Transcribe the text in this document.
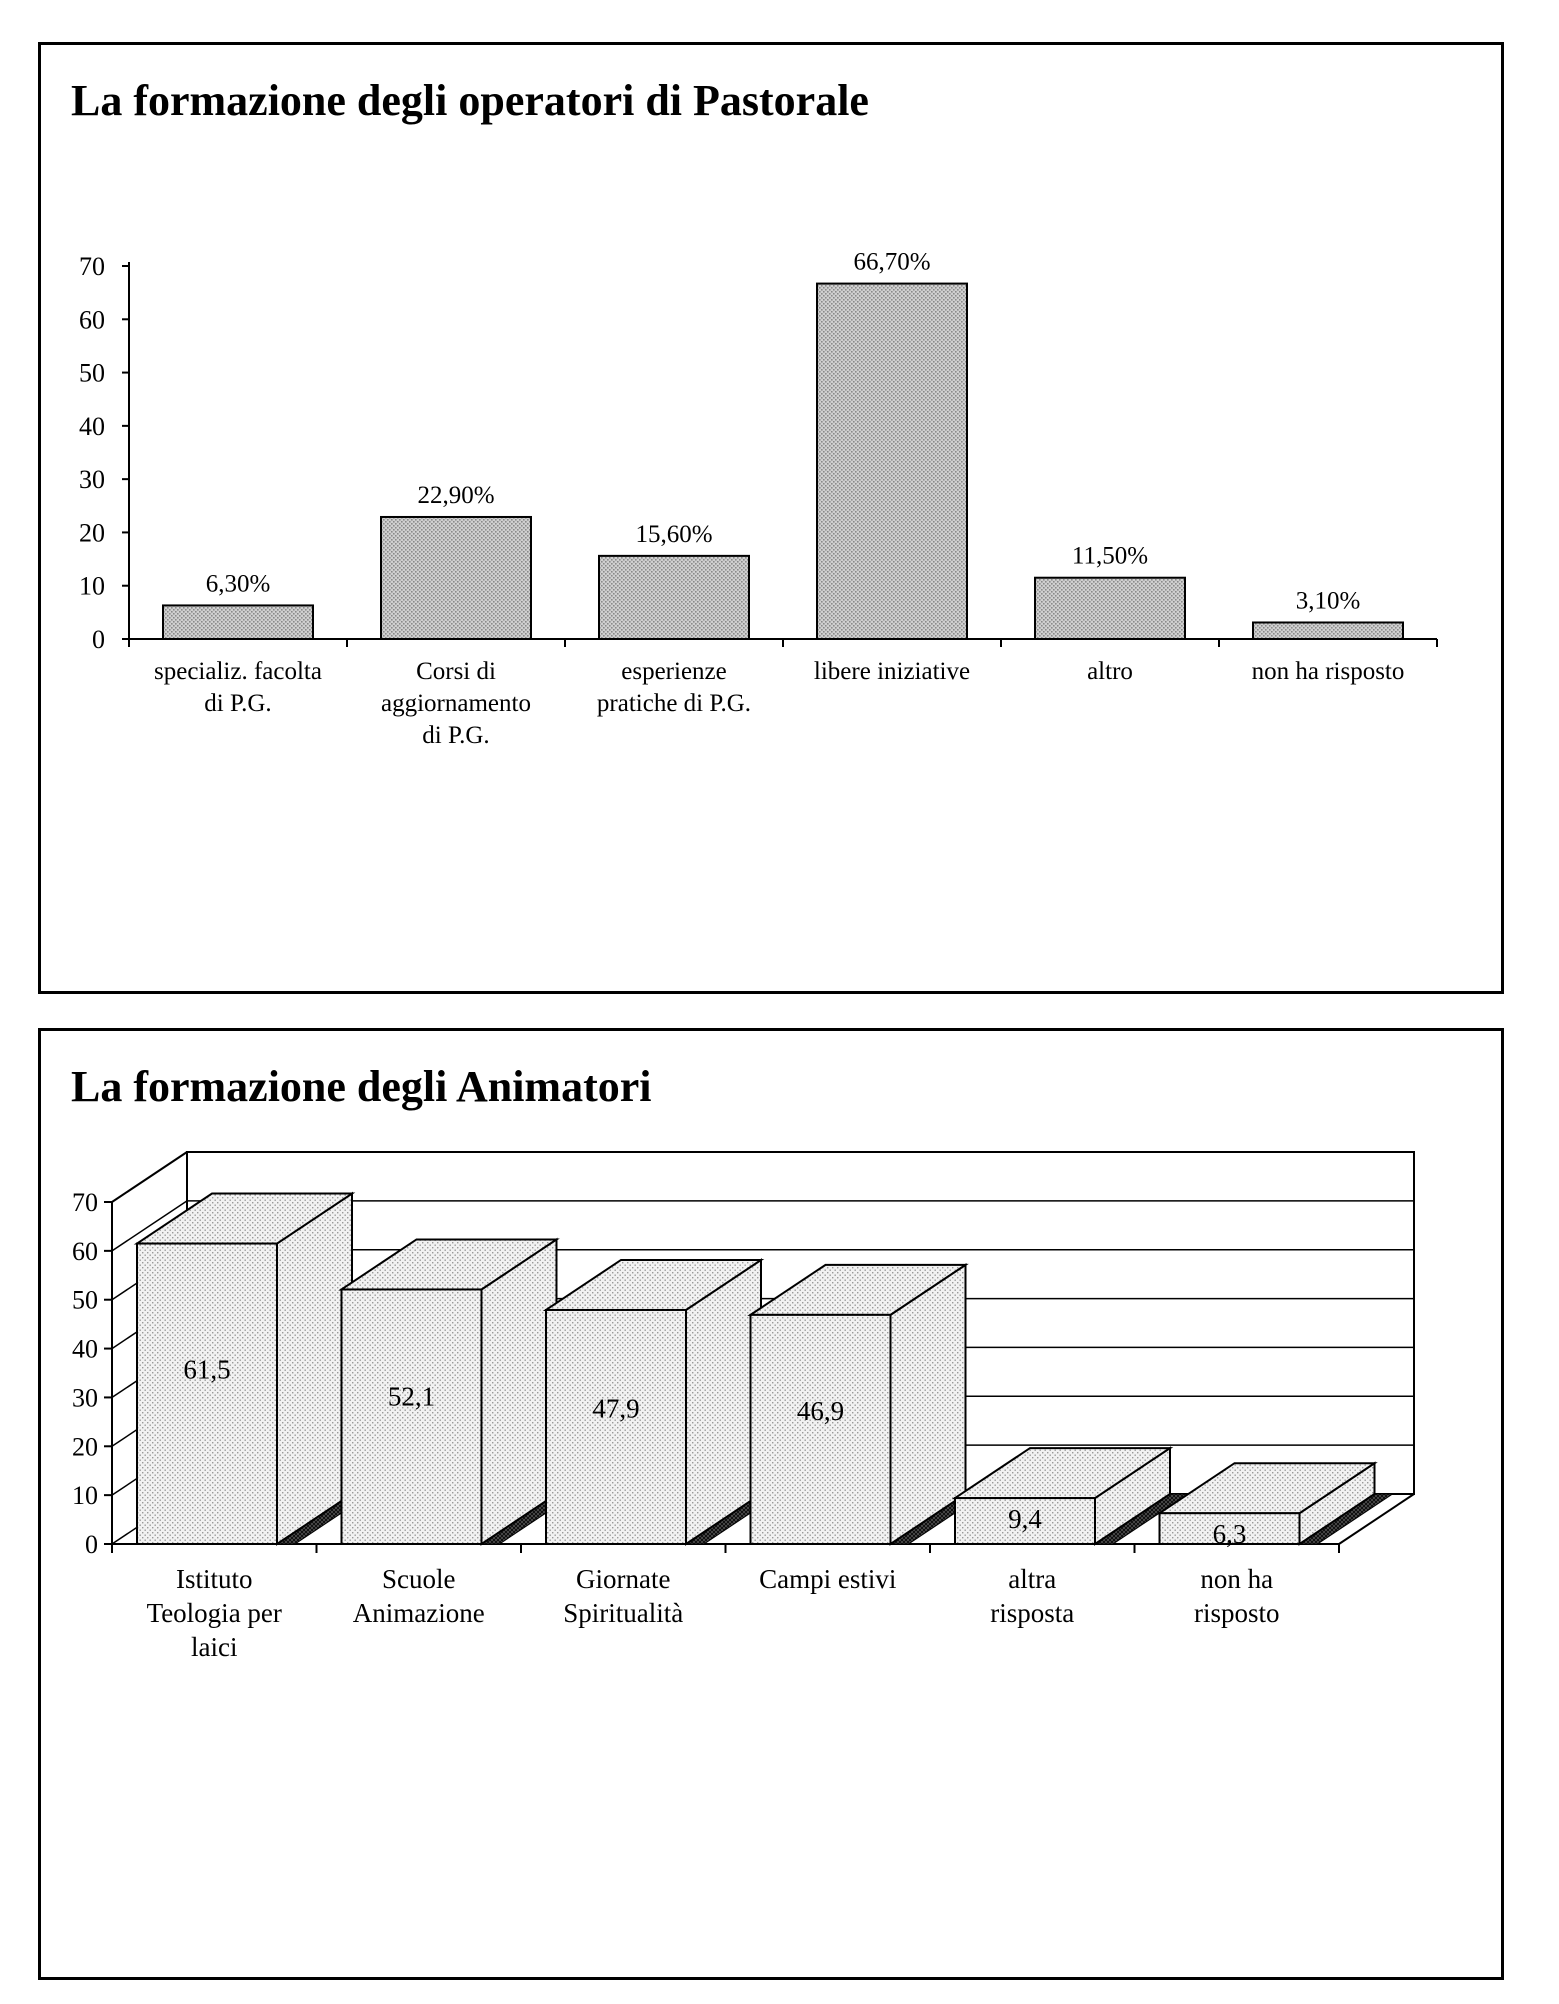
La formazione degli operatori di Pastorale
0
10
20
30
40
50
60
70
6,30%
specializ. facolta
di P.G.
22,90%
Corsi di
aggiornamento
di P.G.
15,60%
esperienze
pratiche di P.G.
66,70%
libere iniziative
11,50%
altro
3,10%
non ha risposto
La formazione degli Animatori
0
10
20
30
40
50
60
70
61,5
Istituto
Teologia per
laici
52,1
Scuole
Animazione
47,9
Giornate
Spiritualità
46,9
Campi estivi
9,4
altra
risposta
6,3
non ha
risposto
